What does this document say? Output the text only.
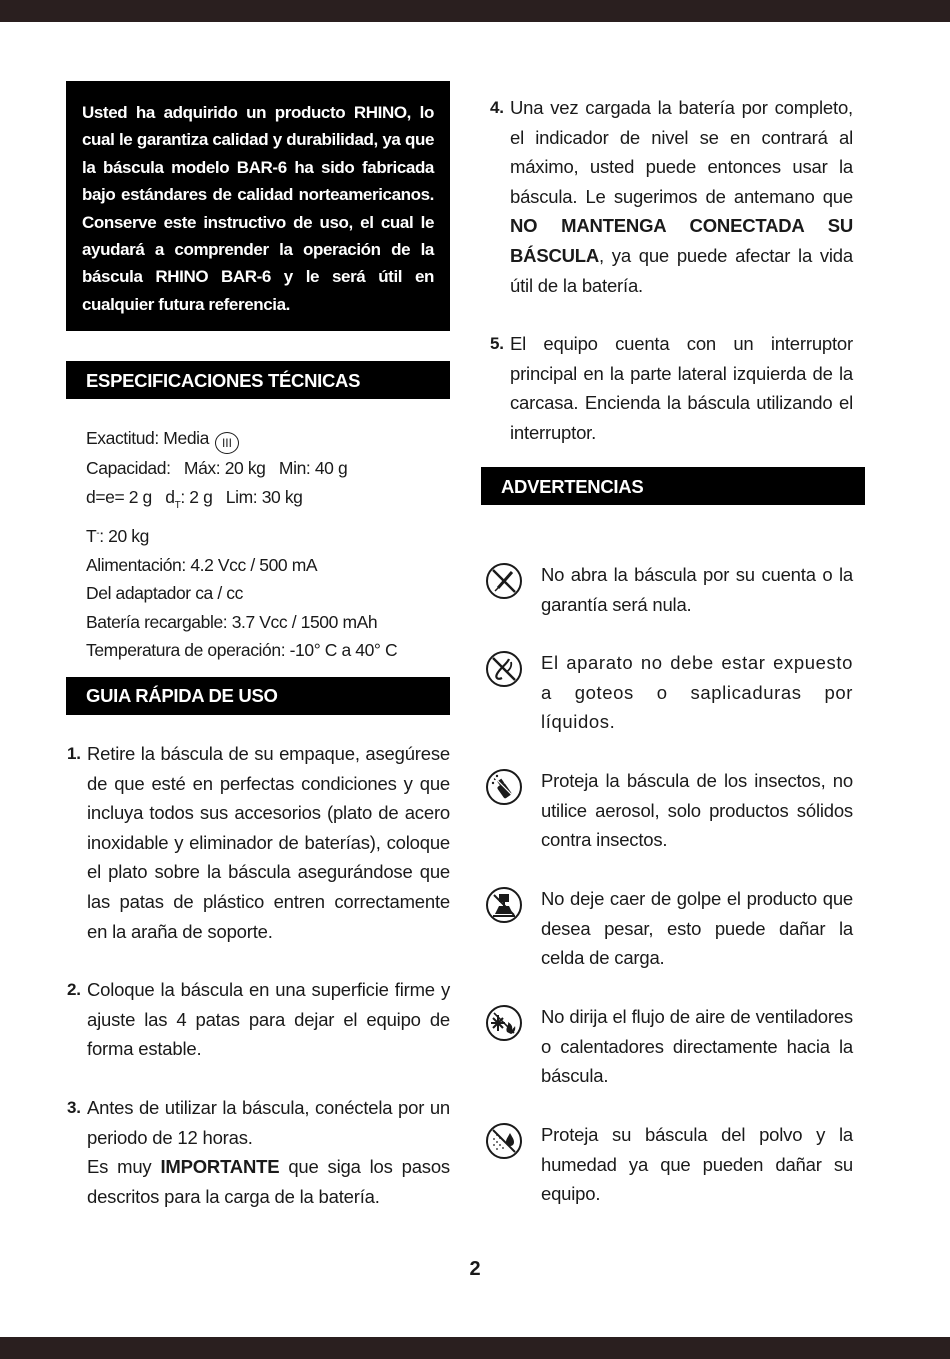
Usted ha adquirido un producto RHINO, lo cual le garantiza calidad y durabilidad, ya que la báscula modelo BAR-6 ha sido fabricada bajo estándares de calidad norteamericanos. Conserve este instructivo de uso, el cual le ayudará a comprender la operación de la báscula RHINO BAR-6 y le será útil en cualquier futura referencia.
ESPECIFICACIONES TÉCNICAS
Exactitud: Media III
Capacidad:   Máx: 20 kg   Min: 40 g
d=e= 2 g   $d_T$: 2 g   Lim: 30 kg
T-: 20 kg
Alimentación: 4.2 Vcc / 500 mA
Del adaptador ca / cc
Batería recargable: 3.7 Vcc / 1500 mAh
Temperatura de operación: -10° C a 40° C
GUIA RÁPIDA DE USO
1. Retire la báscula de su empaque, asegúrese de que esté en perfectas condiciones y que incluya todos sus accesorios (plato de acero inoxidable y eliminador de baterías), coloque el plato sobre la báscula asegurándose que las patas de plástico entren correctamente en la araña de soporte.
2. Coloque la báscula en una superficie firme y ajuste las 4 patas para dejar el equipo de forma estable.
3. Antes de utilizar la báscula, conéctela por un periodo de 12 horas.
Es muy IMPORTANTE que siga los pasos descritos para la carga de la batería.
4. Una vez cargada la batería por completo, el indicador de nivel se en contrará al máximo, usted puede entonces usar la báscula. Le sugerimos de antemano que NO MANTENGA CONECTADA SU BÁSCULA, ya que puede afectar la vida útil de la batería.
5. El equipo cuenta con un interruptor principal en la parte lateral izquierda de la carcasa. Encienda la báscula utilizando el interruptor.
ADVERTENCIAS
No abra la báscula por su cuenta o la garantía será nula.
El aparato no debe estar expuesto a goteos o saplicaduras por líquidos.
Proteja la báscula de los insectos, no utilice aerosol, solo productos sólidos contra insectos.
No deje caer de golpe el producto que desea pesar, esto puede dañar la celda de carga.
No dirija el flujo de aire de ventiladores o calentadores directamente hacia la báscula.
Proteja su báscula del polvo y la humedad ya que pueden dañar su equipo.
2
